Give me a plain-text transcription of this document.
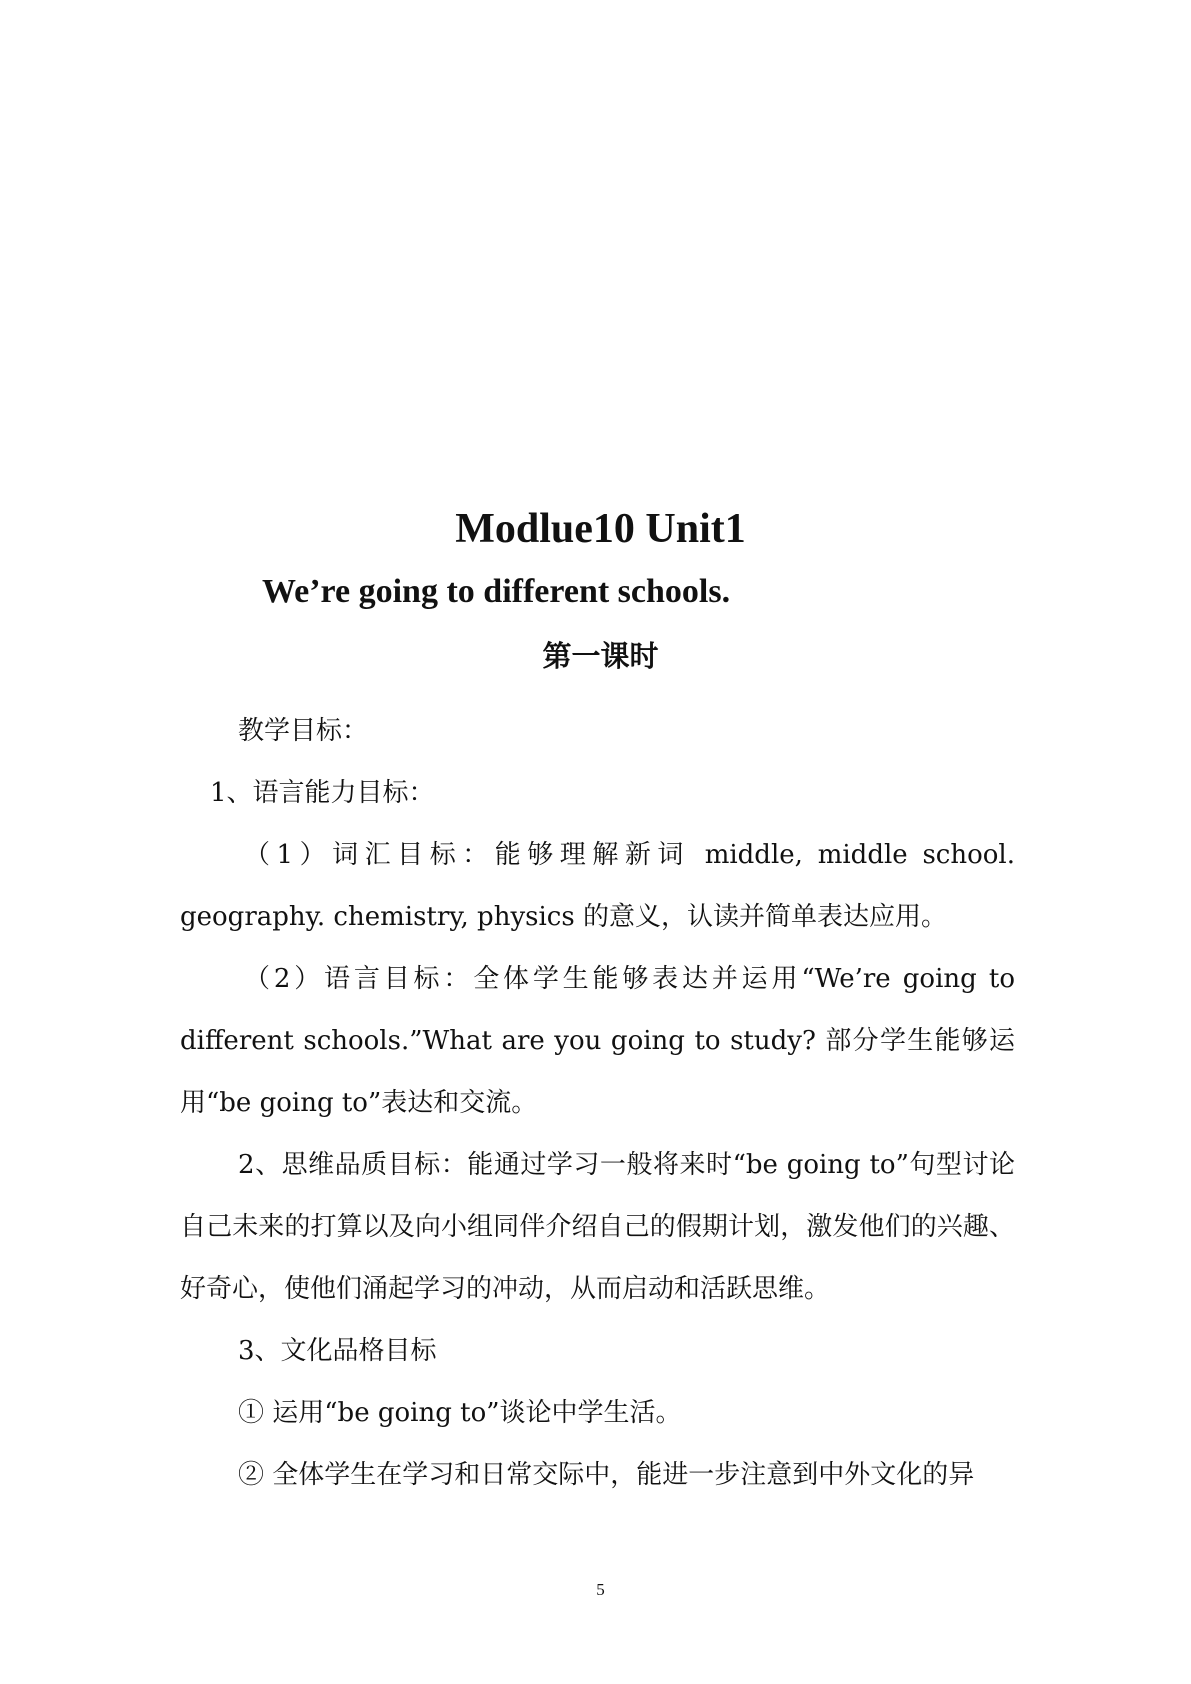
Modlue10 Unit1
We’re going to different schools.
第一课时

教学目标：

1、语言能力目标：

（1）词汇目标：能够理解新词 middle, middle school. geography. chemistry, physics 的意义，认读并简单表达应用。

（2）语言目标：全体学生能够表达并运用“We’re going to different schools.”What are you going to study? 部分学生能够运用“be going to”表达和交流。

2、思维品质目标：能通过学习一般将来时“be going to”句型讨论自己未来的打算以及向小组同伴介绍自己的假期计划，激发他们的兴趣、好奇心，使他们涌起学习的冲动，从而启动和活跃思维。

3、文化品格目标

① 运用“be going to”谈论中学生活。

② 全体学生在学习和日常交际中，能进一步注意到中外文化的异

5
